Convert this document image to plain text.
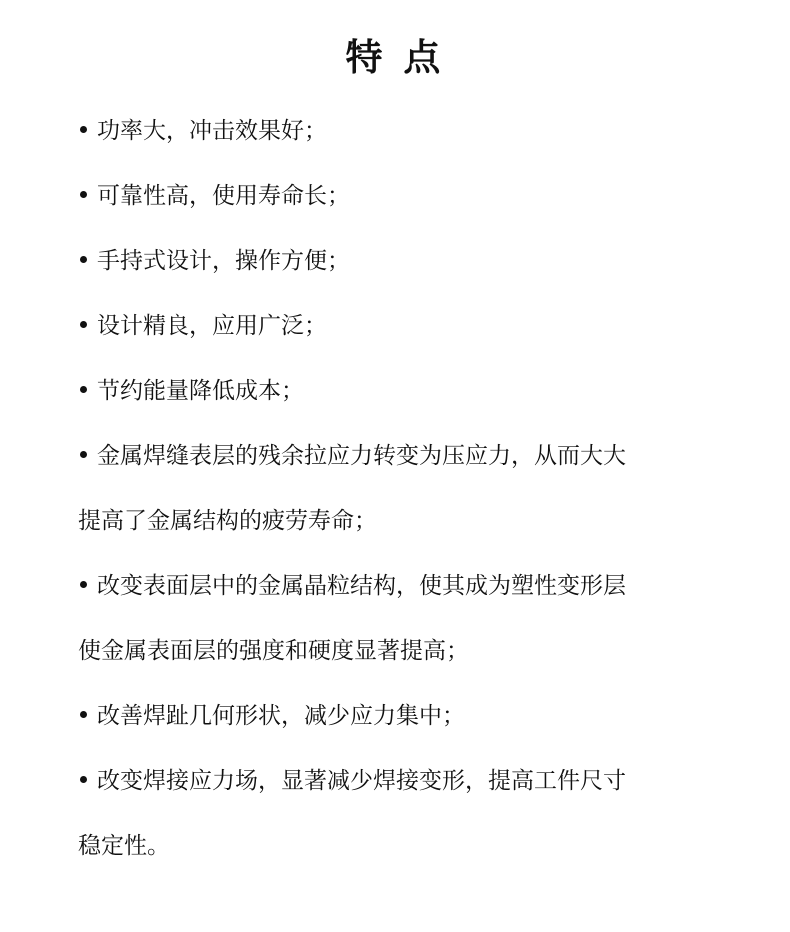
特 点
功率大，冲击效果好；
可靠性高，使用寿命长；
手持式设计，操作方便；
设计精良，应用广泛；
节约能量降低成本；
金属焊缝表层的残余拉应力转变为压应力，从而大大
提高了金属结构的疲劳寿命；
改变表面层中的金属晶粒结构，使其成为塑性变形层
使金属表面层的强度和硬度显著提高；
改善焊趾几何形状，减少应力集中；
改变焊接应力场，显著减少焊接变形，提高工件尺寸
稳定性。
